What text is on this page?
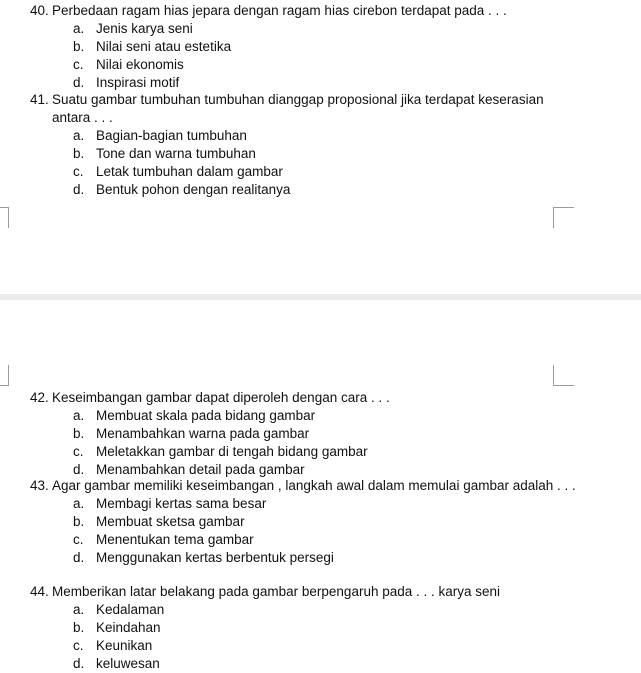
40. Perbedaan ragam hias jepara dengan ragam hias cirebon terdapat pada . . .
a. Jenis karya seni
b. Nilai seni atau estetika
c. Nilai ekonomis
d. Inspirasi motif
41. Suatu gambar tumbuhan tumbuhan dianggap proposional jika terdapat keserasian antara . . .
a. Bagian-bagian tumbuhan
b. Tone dan warna tumbuhan
c. Letak tumbuhan dalam gambar
d. Bentuk pohon dengan realitanya
42. Keseimbangan gambar dapat diperoleh dengan cara . . .
a. Membuat skala pada bidang gambar
b. Menambahkan warna pada gambar
c. Meletakkan gambar di tengah bidang gambar
d. Menambahkan detail pada gambar
43. Agar gambar memiliki keseimbangan , langkah awal dalam memulai gambar adalah . . .
a. Membagi kertas sama besar
b. Membuat sketsa gambar
c. Menentukan tema gambar
d. Menggunakan kertas berbentuk persegi
44. Memberikan latar belakang pada gambar berpengaruh pada . . . karya seni
a. Kedalaman
b. Keindahan
c. Keunikan
d. keluwesan
